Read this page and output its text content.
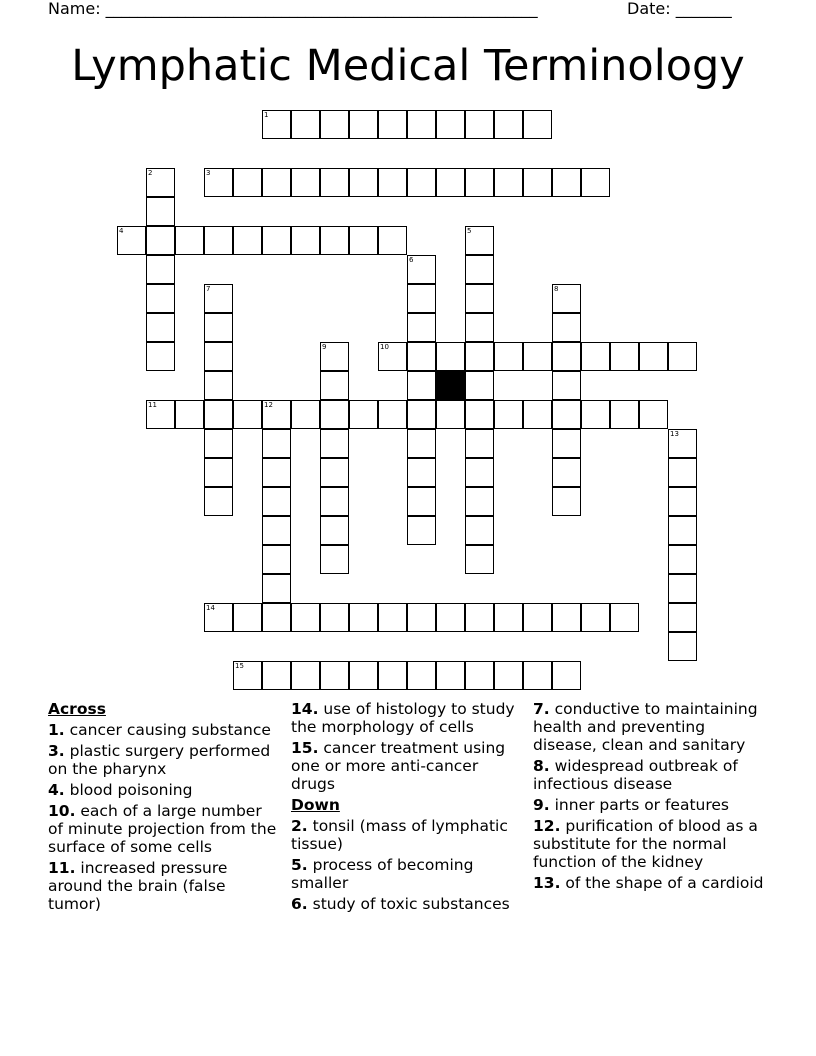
Name: ______________________________________________________	Date: _______
Lymphatic Medical Terminology
1
2	3
4	5
6
7	8
9	10
11	12
13
14
15
Across
1. cancer causing substance
3. plastic surgery performed on the pharynx
4. blood poisoning
10. each of a large number of minute projection from the surface of some cells
11. increased pressure around the brain (false tumor)
14. use of histology to study the morphology of cells
15. cancer treatment using one or more anti-cancer drugs
Down
2. tonsil (mass of lymphatic tissue)
5. process of becoming smaller
6. study of toxic substances
7. conductive to maintaining health and preventing disease, clean and sanitary
8. widespread outbreak of infectious disease
9. inner parts or features
12. purification of blood as a substitute for the normal function of the kidney
13. of the shape of a cardioid
